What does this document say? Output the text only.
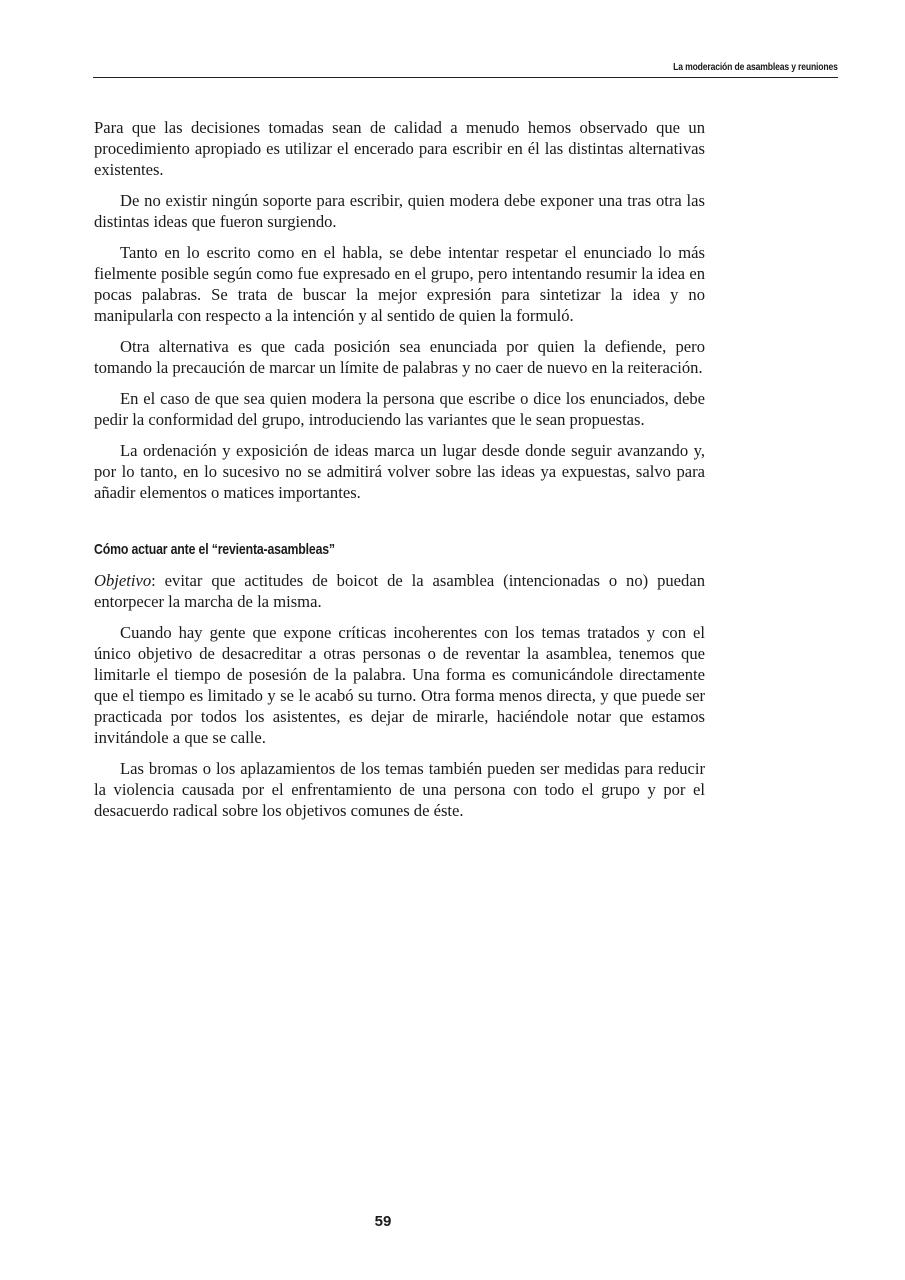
La moderación de asambleas y reuniones

Para que las decisiones tomadas sean de calidad a menudo hemos observado que un procedimiento apropiado es utilizar el encerado para escribir en él las distintas alternativas existentes.

De no existir ningún soporte para escribir, quien modera debe exponer una tras otra las distintas ideas que fueron surgiendo.

Tanto en lo escrito como en el habla, se debe intentar respetar el enunciado lo más fielmente posible según como fue expresado en el grupo, pero intentando resumir la idea en pocas palabras. Se trata de buscar la mejor expresión para sintetizar la idea y no manipularla con respecto a la intención y al sentido de quien la formuló.

Otra alternativa es que cada posición sea enunciada por quien la defiende, pero tomando la precaución de marcar un límite de palabras y no caer de nuevo en la reiteración.

En el caso de que sea quien modera la persona que escribe o dice los enunciados, debe pedir la conformidad del grupo, introduciendo las variantes que le sean propuestas.

La ordenación y exposición de ideas marca un lugar desde donde seguir avanzando y, por lo tanto, en lo sucesivo no se admitirá volver sobre las ideas ya expuestas, salvo para añadir elementos o matices importantes.

Cómo actuar ante el “revienta-asambleas”

Objetivo: evitar que actitudes de boicot de la asamblea (intencionadas o no) puedan entorpecer la marcha de la misma.

Cuando hay gente que expone críticas incoherentes con los temas tratados y con el único objetivo de desacreditar a otras personas o de reventar la asamblea, tenemos que limitarle el tiempo de posesión de la palabra. Una forma es comunicándole directamente que el tiempo es limitado y se le acabó su turno. Otra forma menos directa, y que puede ser practicada por todos los asistentes, es dejar de mirarle, haciéndole notar que estamos invitándole a que se calle.

Las bromas o los aplazamientos de los temas también pueden ser medidas para reducir la violencia causada por el enfrentamiento de una persona con todo el grupo y por el desacuerdo radical sobre los objetivos comunes de éste.

59
